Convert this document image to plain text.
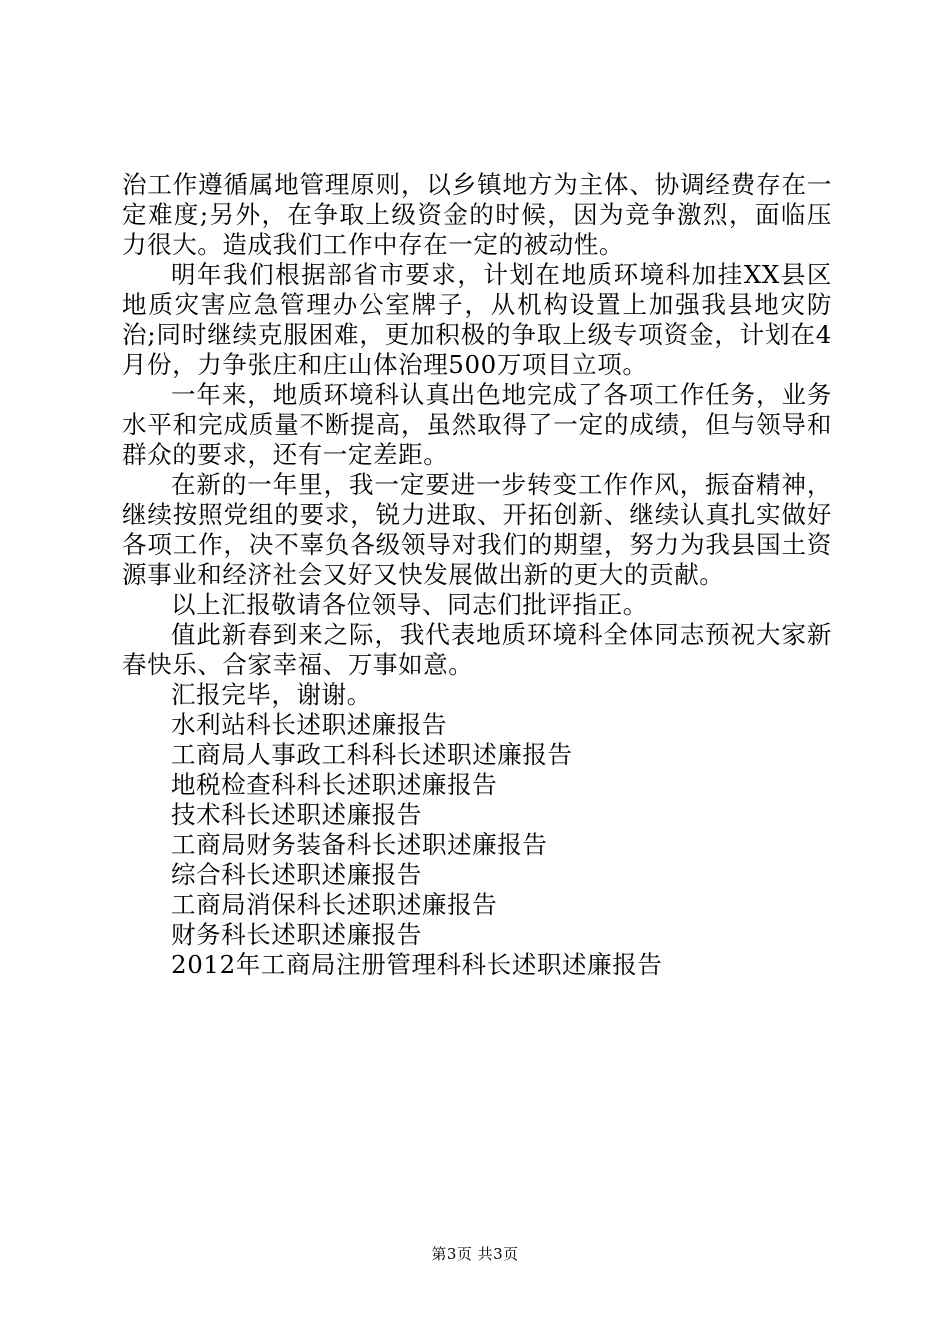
治工作遵循属地管理原则，以乡镇地方为主体、协调经费存在一定难度;另外，在争取上级资金的时候，因为竞争激烈，面临压力很大。造成我们工作中存在一定的被动性。

明年我们根据部省市要求，计划在地质环境科加挂XX县区地质灾害应急管理办公室牌子，从机构设置上加强我县地灾防治;同时继续克服困难，更加积极的争取上级专项资金，计划在4月份，力争张庄和庄山体治理500万项目立项。

一年来，地质环境科认真出色地完成了各项工作任务，业务水平和完成质量不断提高，虽然取得了一定的成绩，但与领导和群众的要求，还有一定差距。

在新的一年里，我一定要进一步转变工作作风，振奋精神，继续按照党组的要求，锐力进取、开拓创新、继续认真扎实做好各项工作，决不辜负各级领导对我们的期望，努力为我县国土资源事业和经济社会又好又快发展做出新的更大的贡献。

以上汇报敬请各位领导、同志们批评指正。

值此新春到来之际，我代表地质环境科全体同志预祝大家新春快乐、合家幸福、万事如意。

汇报完毕，谢谢。

水利站科长述职述廉报告
工商局人事政工科科长述职述廉报告
地税检查科科长述职述廉报告
技术科长述职述廉报告
工商局财务装备科长述职述廉报告
综合科长述职述廉报告
工商局消保科长述职述廉报告
财务科长述职述廉报告
2012年工商局注册管理科科长述职述廉报告
第3页 共3页
